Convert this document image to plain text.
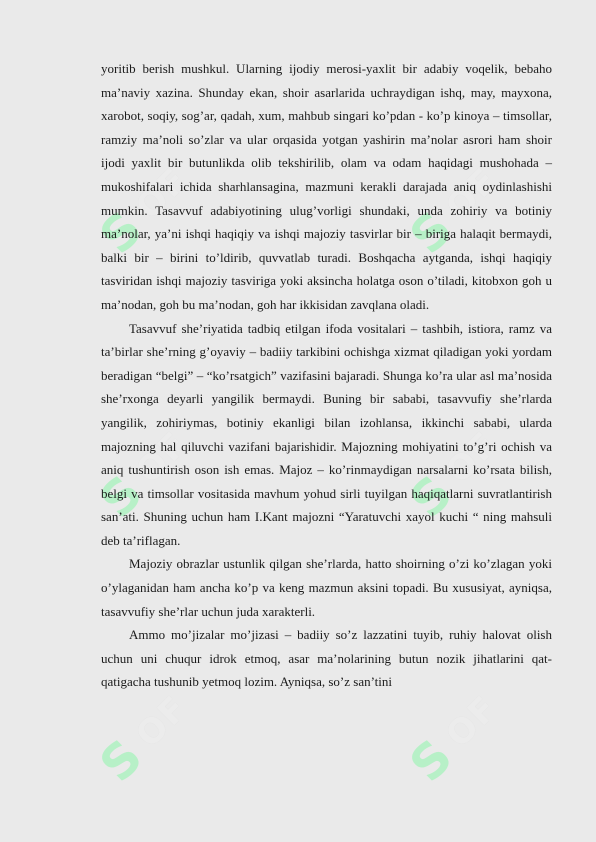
S
OF
S
OF
S
OF
S
OF
S
OF
S
OF

yoritib berish mushkul. Ularning ijodiy merosi-yaxlit bir adabiy voqelik, bebaho ma’naviy xazina. Shunday ekan, shoir asarlarida uchraydigan ishq, may, mayxona, xarobot, soqiy, sog’ar, qadah, xum, mahbub singari ko’pdan - ko’p kinoya – timsollar, ramziy ma’noli so’zlar va ular orqasida yotgan yashirin ma’nolar asrori ham shoir ijodi yaxlit bir butunlikda olib tekshirilib, olam va odam haqidagi mushohada – mukoshifalari ichida sharhlansagina, mazmuni kerakli darajada aniq oydinlashishi mumkin. Tasavvuf adabiyotining ulug’vorligi shundaki, unda zohiriy va botiniy ma’nolar, ya’ni ishqi haqiqiy va ishqi majoziy tasvirlar bir – biriga halaqit bermaydi, balki bir – birini to’ldirib, quvvatlab turadi. Boshqacha aytganda, ishqi haqiqiy tasviridan ishqi majoziy tasviriga yoki aksincha holatga oson o’tiladi, kitobxon goh u ma’nodan, goh bu ma’nodan, goh har ikkisidan zavqlana oladi.

Tasavvuf she’riyatida tadbiq etilgan ifoda vositalari – tashbih, istiora, ramz va ta’birlar she’rning g’oyaviy – badiiy tarkibini ochishga xizmat qiladigan yoki yordam beradigan “belgi” – “ko’rsatgich” vazifasini bajaradi. Shunga ko’ra ular asl ma’nosida she’rxonga deyarli yangilik bermaydi. Buning bir sababi, tasavvufiy she’rlarda yangilik, zohiriymas, botiniy ekanligi bilan izohlansa, ikkinchi sababi, ularda majozning hal qiluvchi vazifani bajarishidir. Majozning mohiyatini to’g’ri ochish va aniq tushuntirish oson ish emas. Majoz – ko’rinmaydigan narsalarni ko’rsata bilish, belgi va timsollar vositasida mavhum yohud sirli tuyilgan haqiqatlarni suvratlantirish san’ati. Shuning uchun ham I.Kant majozni “Yaratuvchi xayol kuchi “ ning mahsuli deb ta’riflagan.

Majoziy obrazlar ustunlik qilgan she’rlarda, hatto shoirning o’zi ko’zlagan yoki o’ylaganidan ham ancha ko’p va keng mazmun aksini topadi. Bu xususiyat, ayniqsa, tasavvufiy she’rlar uchun juda xarakterli.

Ammo mo’jizalar mo’jizasi – badiiy so’z lazzatini tuyib, ruhiy halovat olish uchun uni chuqur idrok etmoq, asar ma’nolarining butun nozik jihatlarini qat-qatigacha tushunib yetmoq lozim. Ayniqsa, so’z san’tini
